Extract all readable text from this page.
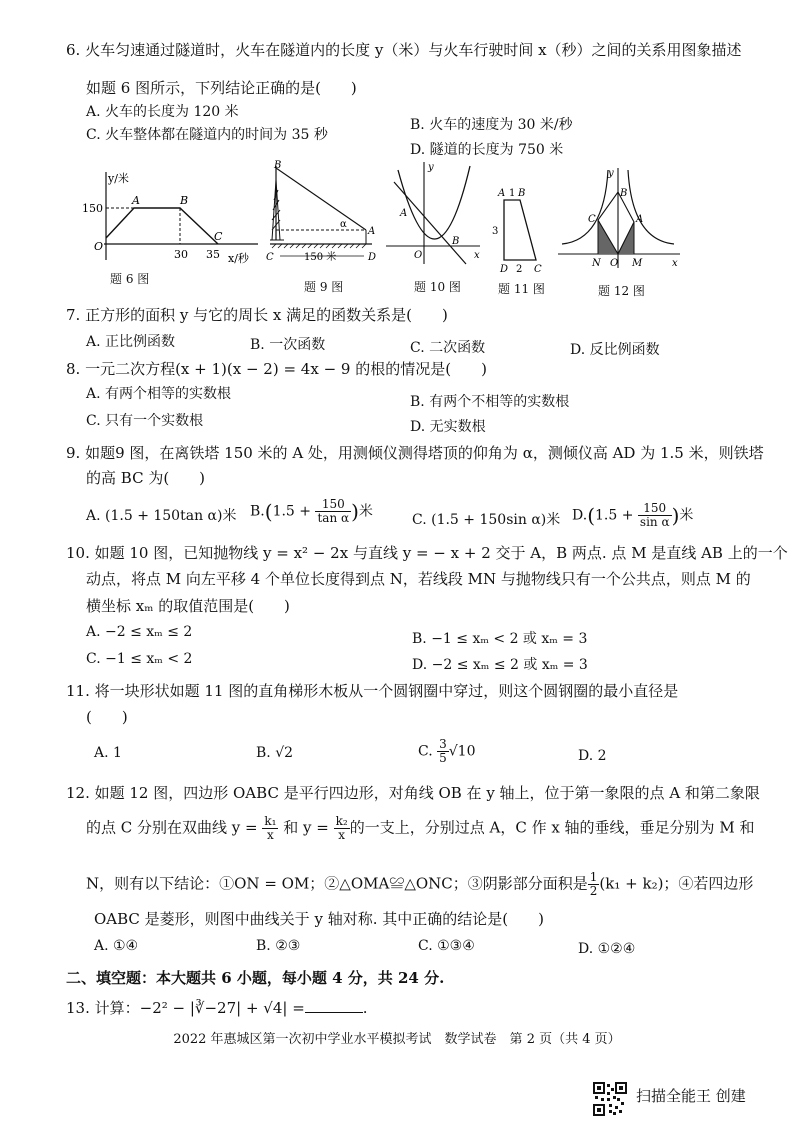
6. 火车匀速通过隧道时，火车在隧道内的长度 y（米）与火车行驶时间 x（秒）之间的关系用图象描述
如题 6 图所示，下列结论正确的是(　　)
A. 火车的长度为 120 米
B. 火车的速度为 30 米/秒
C. 火车整体都在隧道内的时间为 35 秒
D. 隧道的长度为 750 米
y/米
150
A	B
C
O
30 35 x/秒
题 6 图
B
α
A
C	150 米	D
题 9 图
y
A
B
O	x
题 10 图
A 1 B
3
D 2 C
题 11 图
y
B
C	A
N O M	x
题 12 图
7. 正方形的面积 y 与它的周长 x 满足的函数关系是(　　)
A. 正比例函数	B. 一次函数	C. 二次函数	D. 反比例函数
8. 一元二次方程(x + 1)(x − 2) = 4x − 9 的根的情况是(　　)
A. 有两个相等的实数根	B. 有两个不相等的实数根
C. 只有一个实数根	D. 无实数根
9. 如题9 图，在离铁塔 150 米的 A 处，用测倾仪测得塔顶的仰角为 α，测倾仪高 AD 为 1.5 米，则铁塔
的高 BC 为(　　)
A. (1.5 + 150tan α)米 $B.(1.5 + \frac{150}{\text{tan α}}$ )米
C. (1.5 + 150sin α)米 $D.(1.5 + \frac{150}{\text{sin α}}$ )米
10. 如题 10 图，已知抛物线 y = x² − 2x 与直线 y = − x + 2 交于 A，B 两点. 点 M 是直线 AB 上的一个
动点，将点 M 向左平移 4 个单位长度得到点 N，若线段 MN 与抛物线只有一个公共点，则点 M 的
横坐标 xₘ 的取值范围是(　　)
A. −2 ≤ xₘ ≤ 2	B. −1 ≤ xₘ < 2 或 xₘ = 3
C. −1 ≤ xₘ < 2	D. −2 ≤ xₘ ≤ 2 或 xₘ = 3
11. 将一块形状如题 11 图的直角梯形木板从一个圆钢圈中穿过，则这个圆钢圈的最小直径是
(　　)
A. 1	B. √2	C. $\frac{3}{5} √10$	D. 2
12. 如题 12 图，四边形 OABC 是平行四边形，对角线 OB 在 y 轴上，位于第一象限的点 A 和第二象限
的点 C 分别在双曲线 $y = \frac{\text{k₁}}{x}$ 和 $y = \frac{\text{k₂}}{x}$ 的一支上，分别过点 A，C 作 x 轴的垂线，垂足分别为 M 和
N，则有以下结论：①ON = OM；②△OMA≌△ONC；③阴影部分面积是 $\frac{1}{2} (k_1 + k_2)$；④若四边形
OABC 是菱形，则图中曲线关于 y 轴对称. 其中正确的结论是(　　)
A. ①④	B. ②③	C. ①③④	D. ①②④
二、填空题：本大题共 6 小题，每小题 4 分，共 24 分.
13. 计算：−2² − |∛−27| + √4| =	.
2022 年惠城区第一次初中学业水平模拟考试　数学试卷　第 2 页（共 4 页）
扫描全能王 创建
